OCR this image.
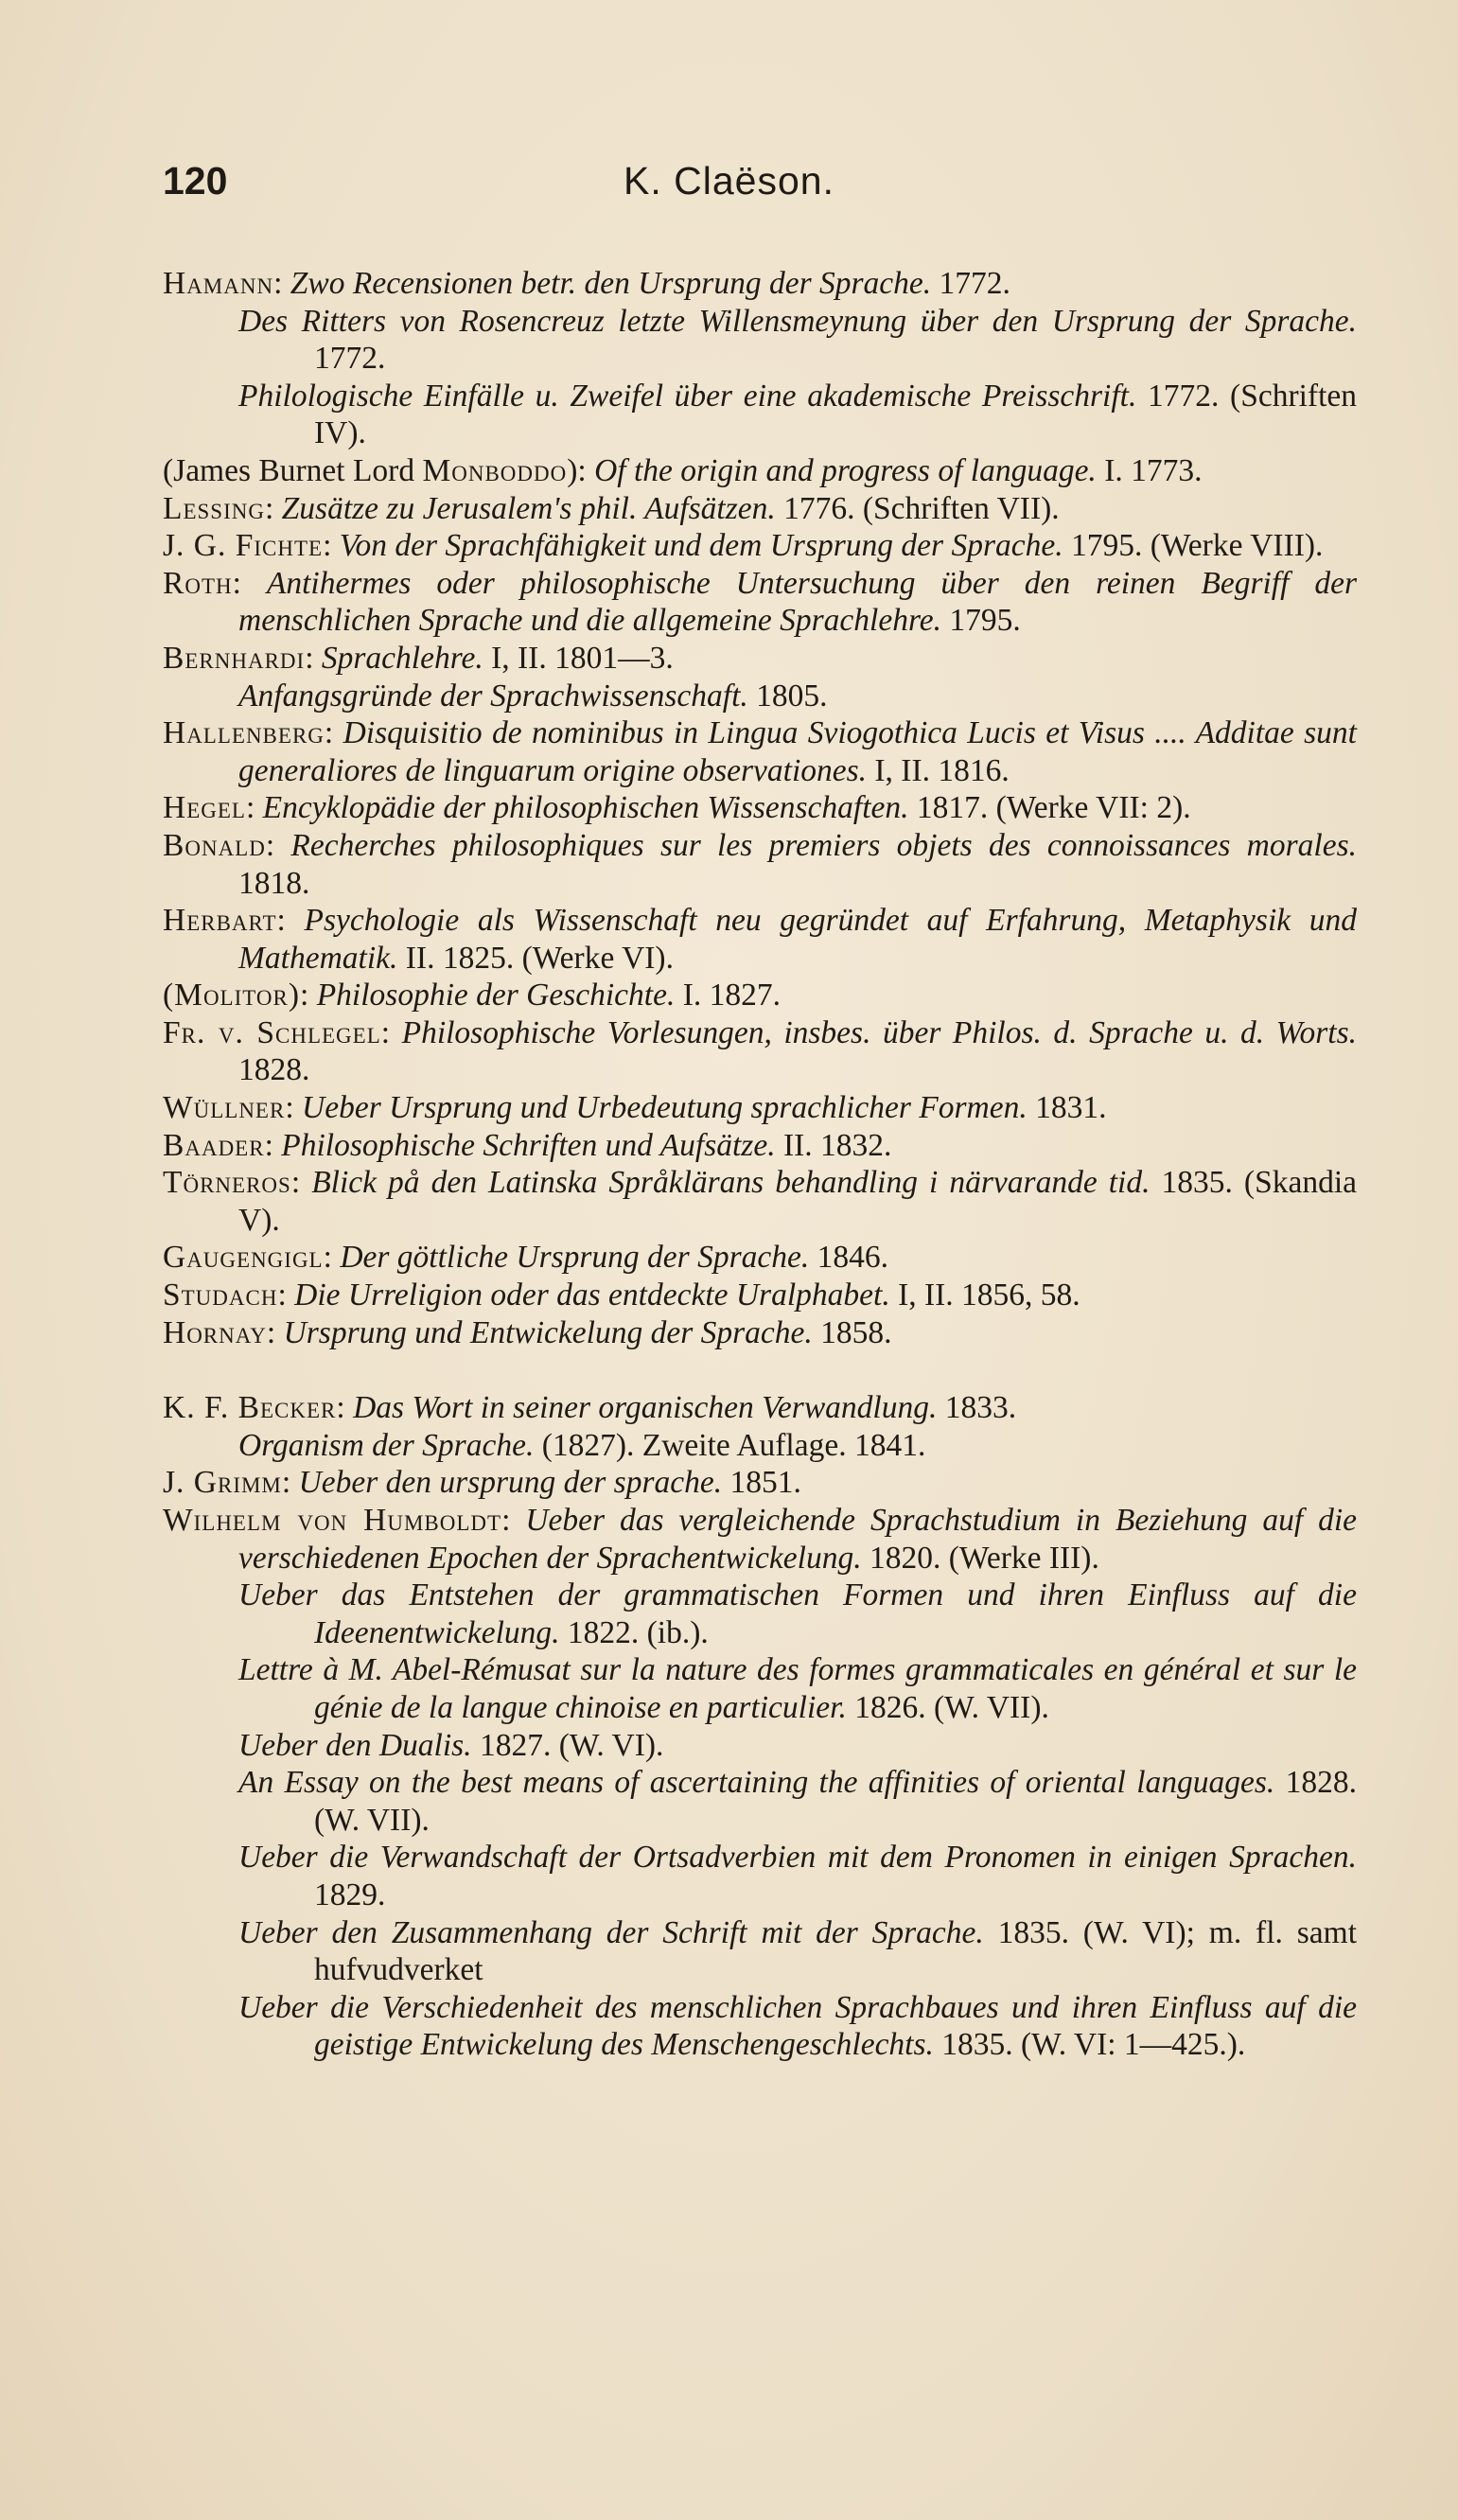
120	K. Claëson.

Hamann: Zwo Recensionen betr. den Ursprung der Sprache. 1772.

Des Ritters von Rosencreuz letzte Willensmeynung über den Ursprung der Sprache. 1772.

Philologische Einfälle u. Zweifel über eine akademische Preisschrift. 1772. (Schriften IV).

(James Burnet Lord Monboddo): Of the origin and progress of language. I. 1773.

Lessing: Zusätze zu Jerusalem's phil. Aufsätzen. 1776. (Schriften VII).

J. G. Fichte: Von der Sprachfähigkeit und dem Ursprung der Sprache. 1795. (Werke VIII).

Roth: Antihermes oder philosophische Untersuchung über den reinen Begriff der menschlichen Sprache und die allgemeine Sprachlehre. 1795.

Bernhardi: Sprachlehre. I, II. 1801—3.

Anfangsgründe der Sprachwissenschaft. 1805.

Hallenberg: Disquisitio de nominibus in Lingua Sviogothica Lucis et Visus .... Additae sunt generaliores de linguarum origine observationes. I, II. 1816.

Hegel: Encyklopädie der philosophischen Wissenschaften. 1817. (Werke VII: 2).

Bonald: Recherches philosophiques sur les premiers objets des connoissances morales. 1818.

Herbart: Psychologie als Wissenschaft neu gegründet auf Erfahrung, Metaphysik und Mathematik. II. 1825. (Werke VI).

(Molitor): Philosophie der Geschichte. I. 1827.

Fr. v. Schlegel: Philosophische Vorlesungen, insbes. über Philos. d. Sprache u. d. Worts. 1828.

Wüllner: Ueber Ursprung und Urbedeutung sprachlicher Formen. 1831.

Baader: Philosophische Schriften und Aufsätze. II. 1832.

Törneros: Blick på den Latinska Språklärans behandling i närvarande tid. 1835. (Skandia V).

Gaugengigl: Der göttliche Ursprung der Sprache. 1846.

Studach: Die Urreligion oder das entdeckte Uralphabet. I, II. 1856, 58.

Hornay: Ursprung und Entwickelung der Sprache. 1858.

K. F. Becker: Das Wort in seiner organischen Verwandlung. 1833.

Organism der Sprache. (1827). Zweite Auflage. 1841.

J. Grimm: Ueber den ursprung der sprache. 1851.

Wilhelm von Humboldt: Ueber das vergleichende Sprachstudium in Beziehung auf die verschiedenen Epochen der Sprachentwickelung. 1820. (Werke III).

Ueber das Entstehen der grammatischen Formen und ihren Einfluss auf die Ideenentwickelung. 1822. (ib.).

Lettre à M. Abel-Rémusat sur la nature des formes grammaticales en général et sur le génie de la langue chinoise en particulier. 1826. (W. VII).

Ueber den Dualis. 1827. (W. VI).

An Essay on the best means of ascertaining the affinities of oriental languages. 1828. (W. VII).

Ueber die Verwandschaft der Ortsadverbien mit dem Pronomen in einigen Sprachen. 1829.

Ueber den Zusammenhang der Schrift mit der Sprache. 1835. (W. VI); m. fl. samt hufvudverket

Ueber die Verschiedenheit des menschlichen Sprachbaues und ihren Einfluss auf die geistige Entwickelung des Menschengeschlechts. 1835. (W. VI: 1—425.).
